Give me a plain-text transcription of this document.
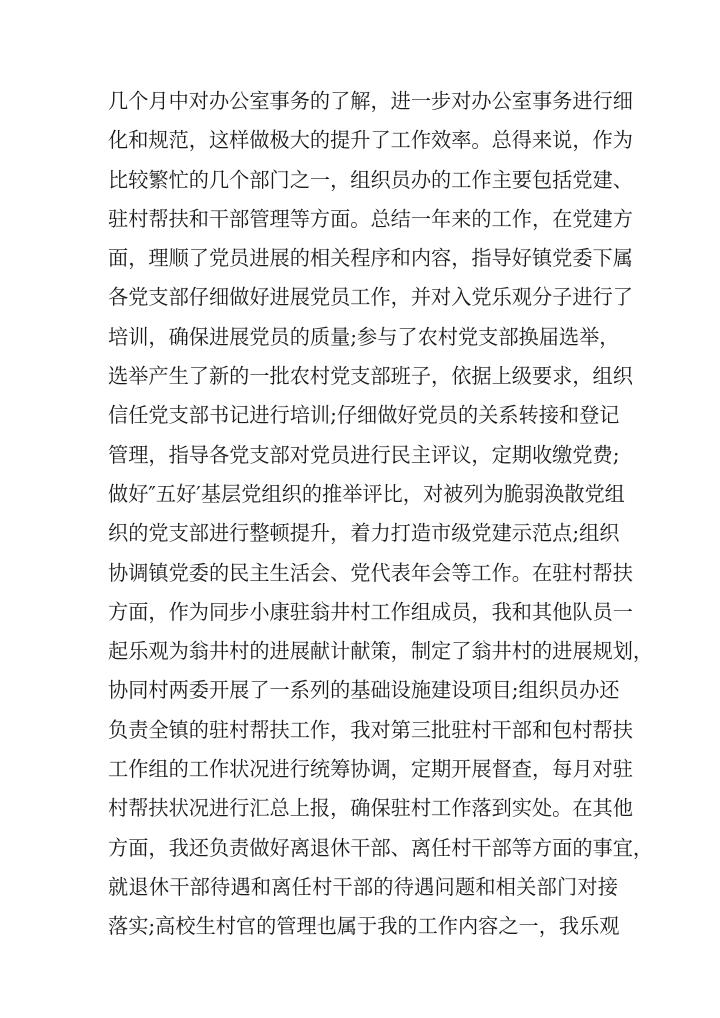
几个月中对办公室事务的了解，进一步对办公室事务进行细
化和规范，这样做极大的提升了工作效率。总得来说，作为
比较繁忙的几个部门之一，组织员办的工作主要包括党建、
驻村帮扶和干部管理等方面。总结一年来的工作，在党建方
面，理顺了党员进展的相关程序和内容，指导好镇党委下属
各党支部仔细做好进展党员工作，并对入党乐观分子进行了
培训，确保进展党员的质量;参与了农村党支部换届选举，
选举产生了新的一批农村党支部班子，依据上级要求，组织
信任党支部书记进行培训;仔细做好党员的关系转接和登记
管理，指导各党支部对党员进行民主评议，定期收缴党费;
做好″五好′基层党组织的推举评比，对被列为脆弱涣散党组
织的党支部进行整顿提升，着力打造市级党建示范点;组织
协调镇党委的民主生活会、党代表年会等工作。在驻村帮扶
方面，作为同步小康驻翁井村工作组成员，我和其他队员一
起乐观为翁井村的进展献计献策，制定了翁井村的进展规划，
协同村两委开展了一系列的基础设施建设项目;组织员办还
负责全镇的驻村帮扶工作，我对第三批驻村干部和包村帮扶
工作组的工作状况进行统筹协调，定期开展督查，每月对驻
村帮扶状况进行汇总上报，确保驻村工作落到实处。在其他
方面，我还负责做好离退休干部、离任村干部等方面的事宜，
就退休干部待遇和离任村干部的待遇问题和相关部门对接
落实;高校生村官的管理也属于我的工作内容之一，我乐观
